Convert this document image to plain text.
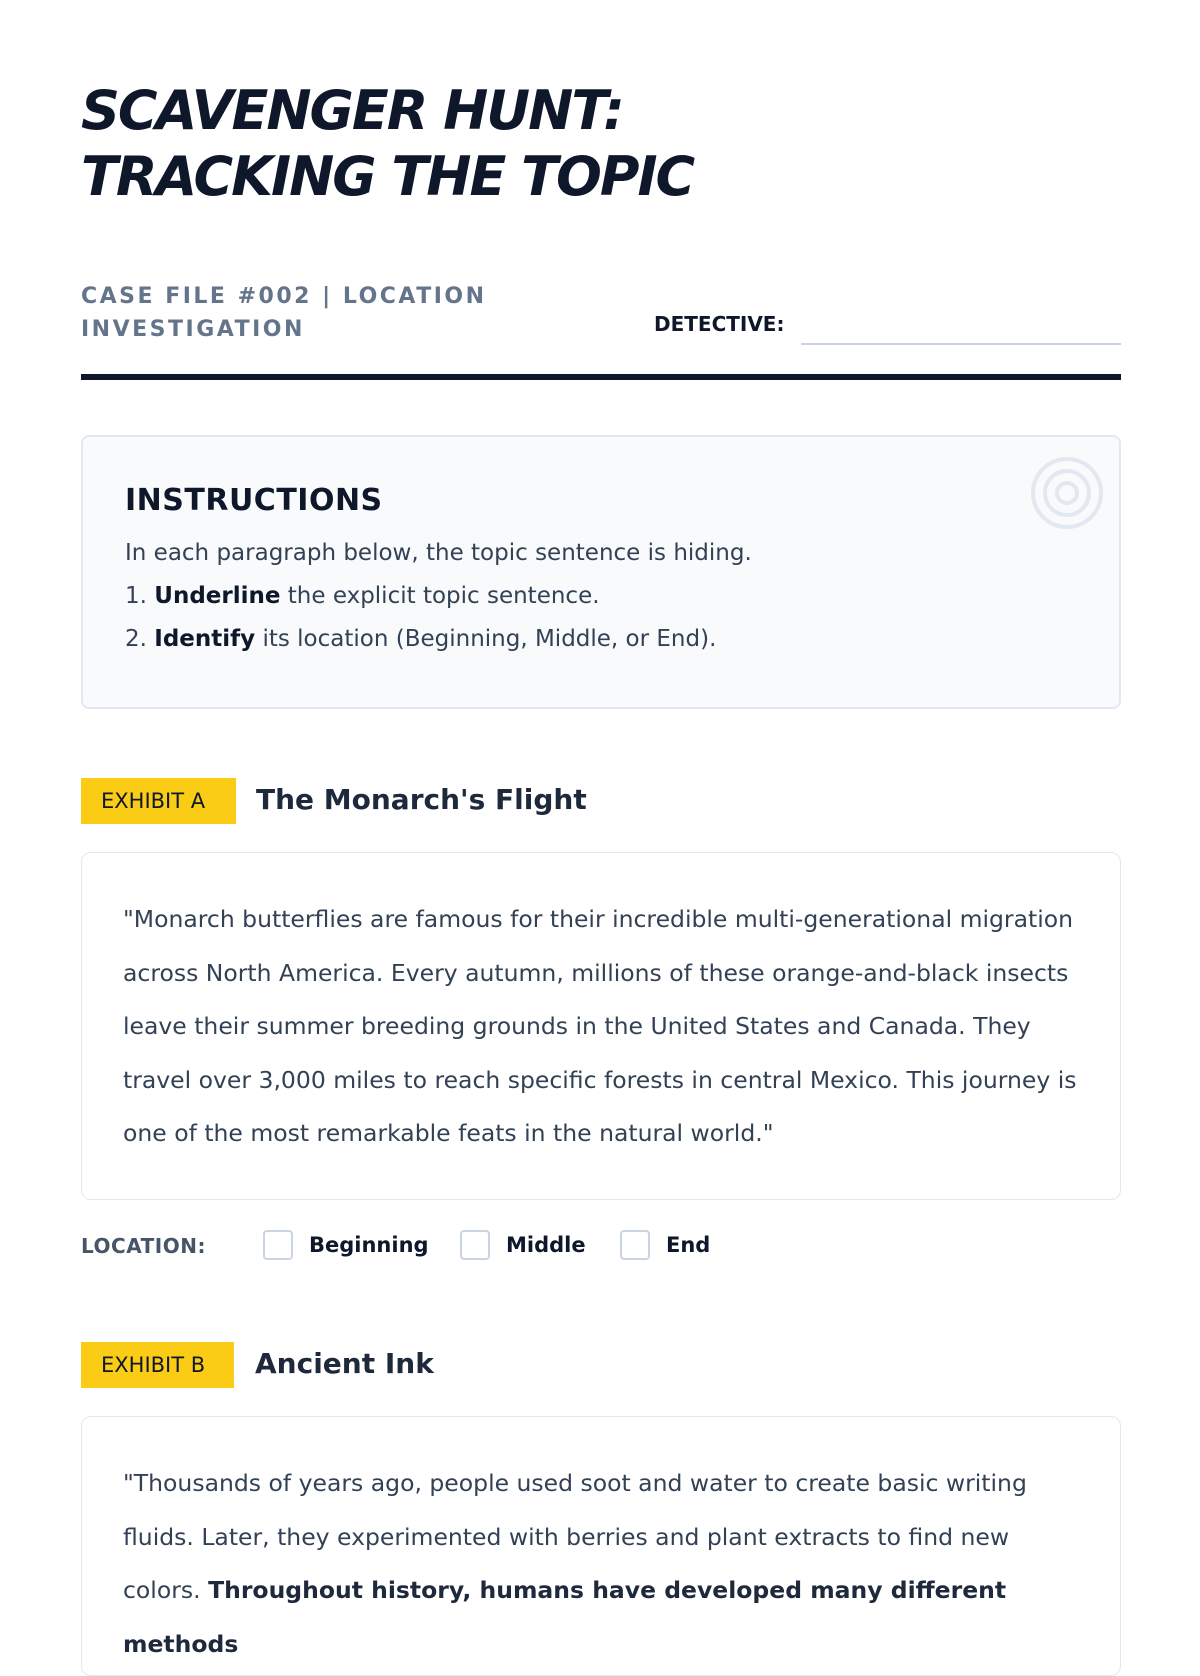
SCAVENGER HUNT: TRACKING THE TOPIC
CASE FILE #002 | LOCATION INVESTIGATION	DETECTIVE:
INSTRUCTIONS
In each paragraph below, the topic sentence is hiding.
1. Underline the explicit topic sentence.
2. Identify its location (Beginning, Middle, or End).
EXHIBIT A	The Monarch's Flight

"Monarch butterflies are famous for their incredible multi-generational migration across North America. Every autumn, millions of these orange-and-black insects leave their summer breeding grounds in the United States and Canada. They travel over 3,000 miles to reach specific forests in central Mexico. This journey is one of the most remarkable feats in the natural world."

LOCATION:	Beginning	Middle	End
EXHIBIT B	Ancient Ink

"Thousands of years ago, people used soot and water to create basic writing fluids. Later, they experimented with berries and plant extracts to find new colors. Throughout history, humans have developed many different methods
